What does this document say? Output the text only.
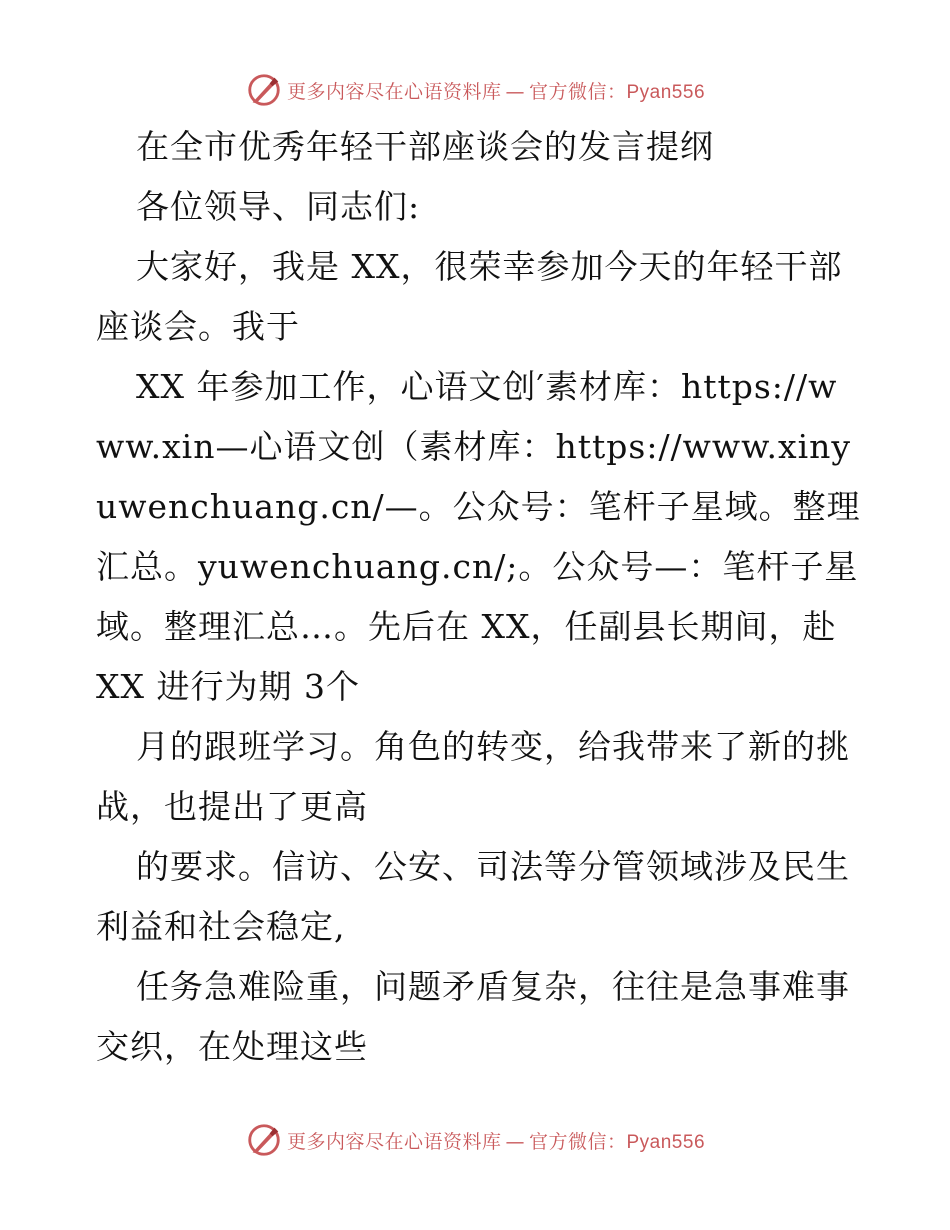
更多内容尽在心语资料库 — 官方微信：Pyan556

在全市优秀年轻干部座谈会的发言提纲

各位领导、同志们:

大家好，我是 XX，很荣幸参加今天的年轻干部座谈会。我于

XX 年参加工作，心语文创′素材库：https://www.xin—心语文创（素材库：https://www.xinyuwenchuang.cn/—。公众号：笔杆子星域。整理汇总。yuwenchuang.cn/;。公众号—：笔杆子星域。整理汇总…。先后在 XX，任副县长期间，赴 XX 进行为期 3个

月的跟班学习。角色的转变，给我带来了新的挑战，也提出了更高

的要求。信访、公安、司法等分管领域涉及民生利益和社会稳定,

任务急难险重，问题矛盾复杂，往往是急事难事交织，在处理这些

更多内容尽在心语资料库 — 官方微信：Pyan556
